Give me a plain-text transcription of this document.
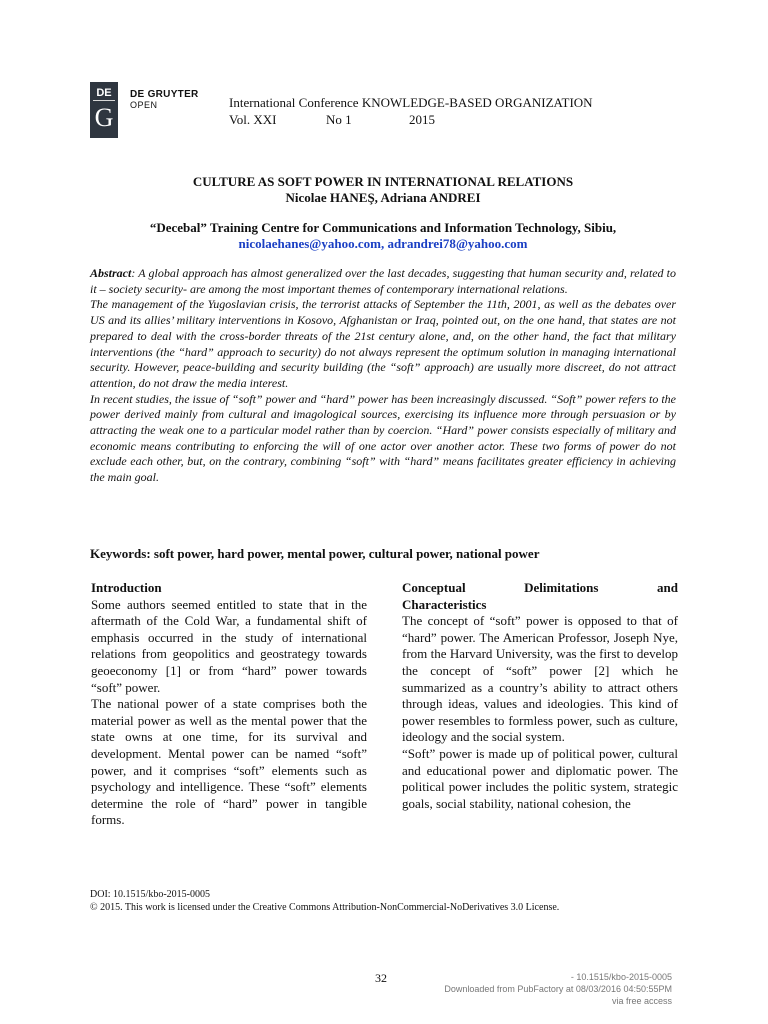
DE
G
DE GRUYTER
OPEN	International Conference KNOWLEDGE-BASED ORGANIZATION
Vol. XXI	No 1	2015
CULTURE AS SOFT POWER IN INTERNATIONAL RELATIONS
Nicolae HANEŞ, Adriana ANDREI
“Decebal” Training Centre for Communications and Information Technology, Sibiu,
nicolaehanes@yahoo.com, adrandrei78@yahoo.com

Abstract: A global approach has almost generalized over the last decades, suggesting that human security and, related to it – society security- are among the most important themes of contemporary international relations.

The management of the Yugoslavian crisis, the terrorist attacks of September the 11th, 2001, as well as the debates over US and its allies’ military interventions in Kosovo, Afghanistan or Iraq, pointed out, on the one hand, that states are not prepared to deal with the cross-border threats of the 21st century alone, and, on the other hand, the fact that military interventions (the “hard” approach to security) do not always represent the optimum solution in managing international security. However, peace-building and security building (the “soft” approach) are usually more discreet, do not attract attention, do not draw the media interest.

In recent studies, the issue of “soft” power and “hard” power has been increasingly discussed. “Soft” power refers to the power derived mainly from cultural and imagological sources, exercising its influence more through persuasion or by attracting the weak one to a particular model rather than by coercion. “Hard” power consists especially of military and economic means contributing to enforcing the will of one actor over another actor. These two forms of power do not exclude each other, but, on the contrary, combining “soft” with “hard” means facilitates greater efficiency in achieving the main goal.

Keywords: soft power, hard power, mental power, cultural power, national power
Introduction

Some authors seemed entitled to state that in the aftermath of the Cold War, a fundamental shift of emphasis occurred in the study of international relations from geopolitics and geostrategy towards geoeconomy [1] or from “hard” power towards “soft” power.

The national power of a state comprises both the material power as well as the mental power that the state owns at one time, for its survival and development. Mental power can be named “soft” power, and it comprises “soft” elements such as psychology and intelligence. These “soft” elements determine the role of “hard” power in tangible forms.

Conceptual	Delimitations	and
Characteristics

The concept of “soft” power is opposed to that of “hard” power. The American Professor, Joseph Nye, from the Harvard University, was the first to develop the concept of “soft” power [2] which he summarized as a country’s ability to attract others through ideas, values and ideologies. This kind of power resembles to formless power, such as culture, ideology and the social system.

“Soft” power is made up of political power, cultural and educational power and diplomatic power. The political power includes the politic system, strategic goals, social stability, national cohesion, the

DOI: 10.1515/kbo-2015-0005
© 2015. This work is licensed under the Creative Commons Attribution-NonCommercial-NoDerivatives 3.0 License.
32	- 10.1515/kbo-2015-0005
Downloaded from PubFactory at 08/03/2016 04:50:55PM
via free access
